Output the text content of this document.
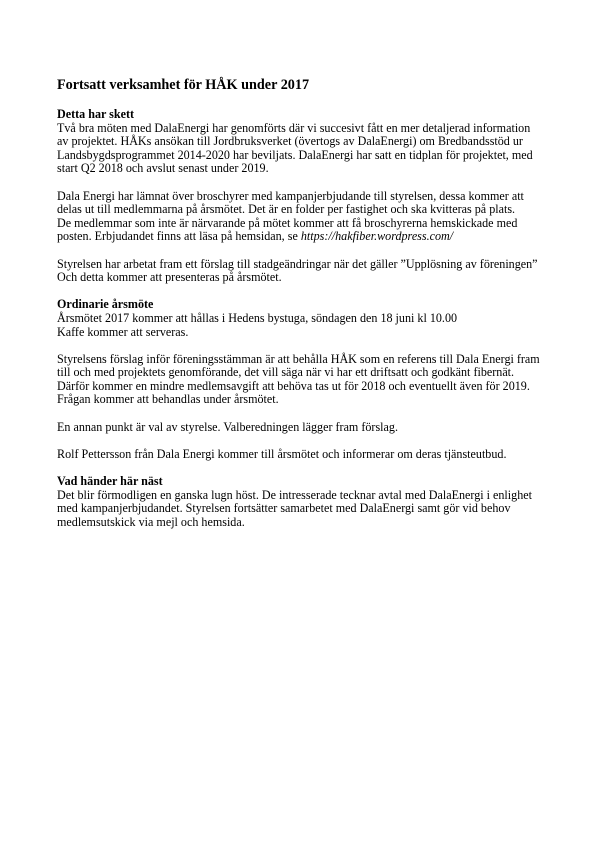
Fortsatt verksamhet för HÅK under 2017
Detta har skett

Två bra möten med DalaEnergi har genomförts där vi succesivt fått en mer detaljerad information
av projektet. HÅKs ansökan till Jordbruksverket (övertogs av DalaEnergi) om Bredbandsstöd ur
Landsbygdsprogrammet 2014-2020 har beviljats. DalaEnergi har satt en tidplan för projektet, med
start Q2 2018 och avslut senast under 2019.

Dala Energi har lämnat över broschyrer med kampanjerbjudande till styrelsen, dessa kommer att
delas ut till medlemmarna på årsmötet. Det är en folder per fastighet och ska kvitteras på plats.
De medlemmar som inte är närvarande på mötet kommer att få broschyrerna hemskickade med
posten. Erbjudandet finns att läsa på hemsidan, se https://hakfiber.wordpress.com/

Styrelsen har arbetat fram ett förslag till stadgeändringar när det gäller ”Upplösning av föreningen”
Och detta kommer att presenteras på årsmötet.

Ordinarie årsmöte

Årsmötet 2017 kommer att hållas i Hedens bystuga, söndagen den 18 juni kl 10.00
Kaffe kommer att serveras.

Styrelsens förslag inför föreningsstämman är att behålla HÅK som en referens till Dala Energi fram
till och med projektets genomförande, det vill säga när vi har ett driftsatt och godkänt fibernät.
Därför kommer en mindre medlemsavgift att behöva tas ut för 2018 och eventuellt även för 2019.
Frågan kommer att behandlas under årsmötet.

En annan punkt är val av styrelse. Valberedningen lägger fram förslag.

Rolf Pettersson från Dala Energi kommer till årsmötet och informerar om deras tjänsteutbud.

Vad händer här näst

Det blir förmodligen en ganska lugn höst. De intresserade tecknar avtal med DalaEnergi i enlighet
med kampanjerbjudandet. Styrelsen fortsätter samarbetet med DalaEnergi samt gör vid behov
medlemsutskick via mejl och hemsida.
